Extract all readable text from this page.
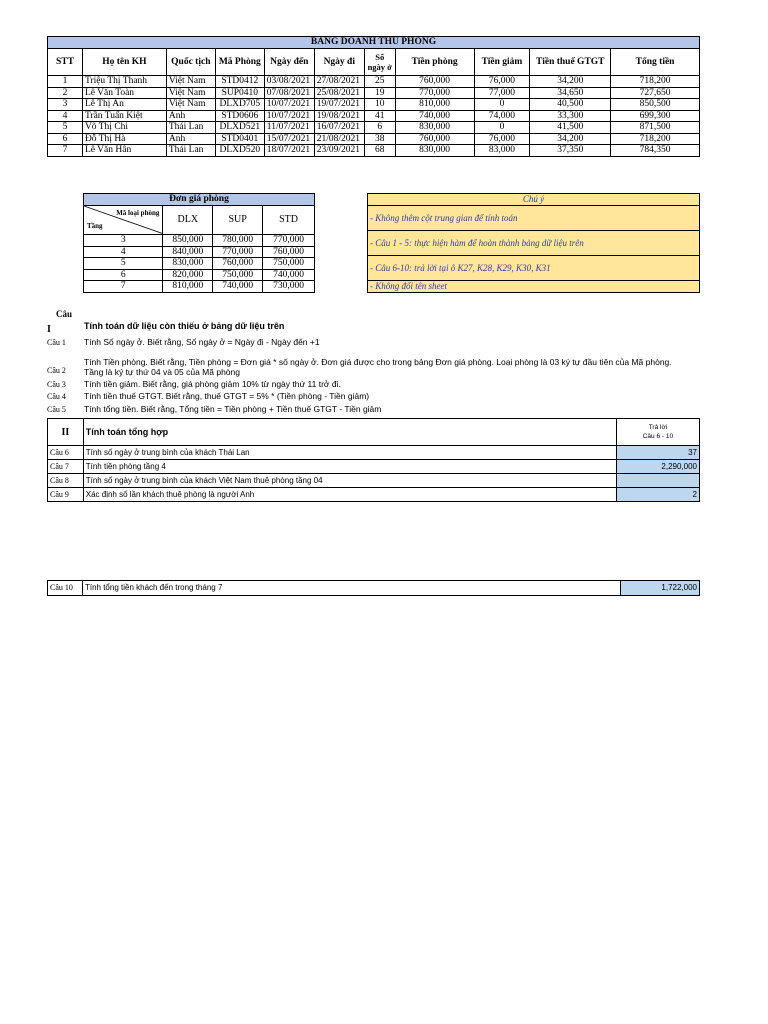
BẢNG DOANH THU PHÒNG										
STT	Họ tên KH	Quốc tịch	Mã Phòng	Ngày đến	Ngày đi	Số ngày ở	Tiền phòng	Tiền giảm	Tiền thuế GTGT	Tổng tiền
1	Triệu Thị Thanh	Việt Nam	STD0412	03/08/2021	27/08/2021	25	760,000	76,000	34,200	718,200
2	Lê Văn Toàn	Việt Nam	SUP0410	07/08/2021	25/08/2021	19	770,000	77,000	34,650	727,650
3	Lê Thị An	Việt Nam	DLXD705	10/07/2021	19/07/2021	10	810,000	0	40,500	850,500
4	Trần Tuấn Kiệt	Anh	STD0606	10/07/2021	19/08/2021	41	740,000	74,000	33,300	699,300
5	Võ Thị Chi	Thái Lan	DLXD521	11/07/2021	16/07/2021	6	830,000	0	41,500	871,500
6	Đỗ Thị Hà	Anh	STD0401	15/07/2021	21/08/2021	38	760,000	76,000	34,200	718,200
7	Lê Văn Hân	Thái Lan	DLXD520	18/07/2021	23/09/2021	68	830,000	83,000	37,350	784,350
Đơn giá phòng			

Mã loại phòng
Tầng	DLX	SUP	STD
3	850,000	780,000	770,000
4	840,000	770,000	760,000
5	830,000	760,000	750,000
6	820,000	750,000	740,000
7	810,000	740,000	730,000
Chú ý
- Không thêm cột trung gian để tính toán
- Câu 1 - 5: thực hiện hàm để hoàn thành bảng dữ liệu trên
- Câu 6-10: trả lời tại ô K27, K28, K29, K30, K31
- Không đổi tên sheet
Câu
I	Tính toán dữ liệu còn thiếu ở bảng dữ liệu trên
Câu 1 Tính Số ngày ở. Biết rằng, Số ngày ở = Ngày đi - Ngày đến +1
Câu 2
Tính Tiền phòng. Biết rằng, Tiền phòng = Đơn giá * số ngày ở. Đơn giá được cho trong bảng Đơn giá phòng. Loại phòng là 03 ký tự đầu tiên của Mã phòng. Tầng là ký tự thứ 04 và 05 của Mã phòng
Câu 3 Tính tiền giảm. Biết rằng, giá phòng giảm 10% từ ngày thứ 11 trở đi.
Câu 4 Tính tiền thuế GTGT. Biết rằng, thuế GTGT = 5% * (Tiền phòng - Tiền giảm)
Câu 5 Tính tổng tiền. Biết rằng, Tổng tiền = Tiền phòng + Tiền thuế GTGT - Tiền giảm
II	Tính toán tổng hợp	Trả lời
Câu 6 - 10

Câu 6	Tính số ngày ở trung bình của khách Thái Lan	37
Câu 7	Tính tiền phòng tầng 4	2,290,000
Câu 8	Tính số ngày ở trung bình của khách Việt Nam thuê phòng tầng 04	
Câu 9	Xác định số lần khách thuê phòng là người Anh	2
Câu 10	Tính tổng tiền khách đến trong tháng 7	1,722,000
